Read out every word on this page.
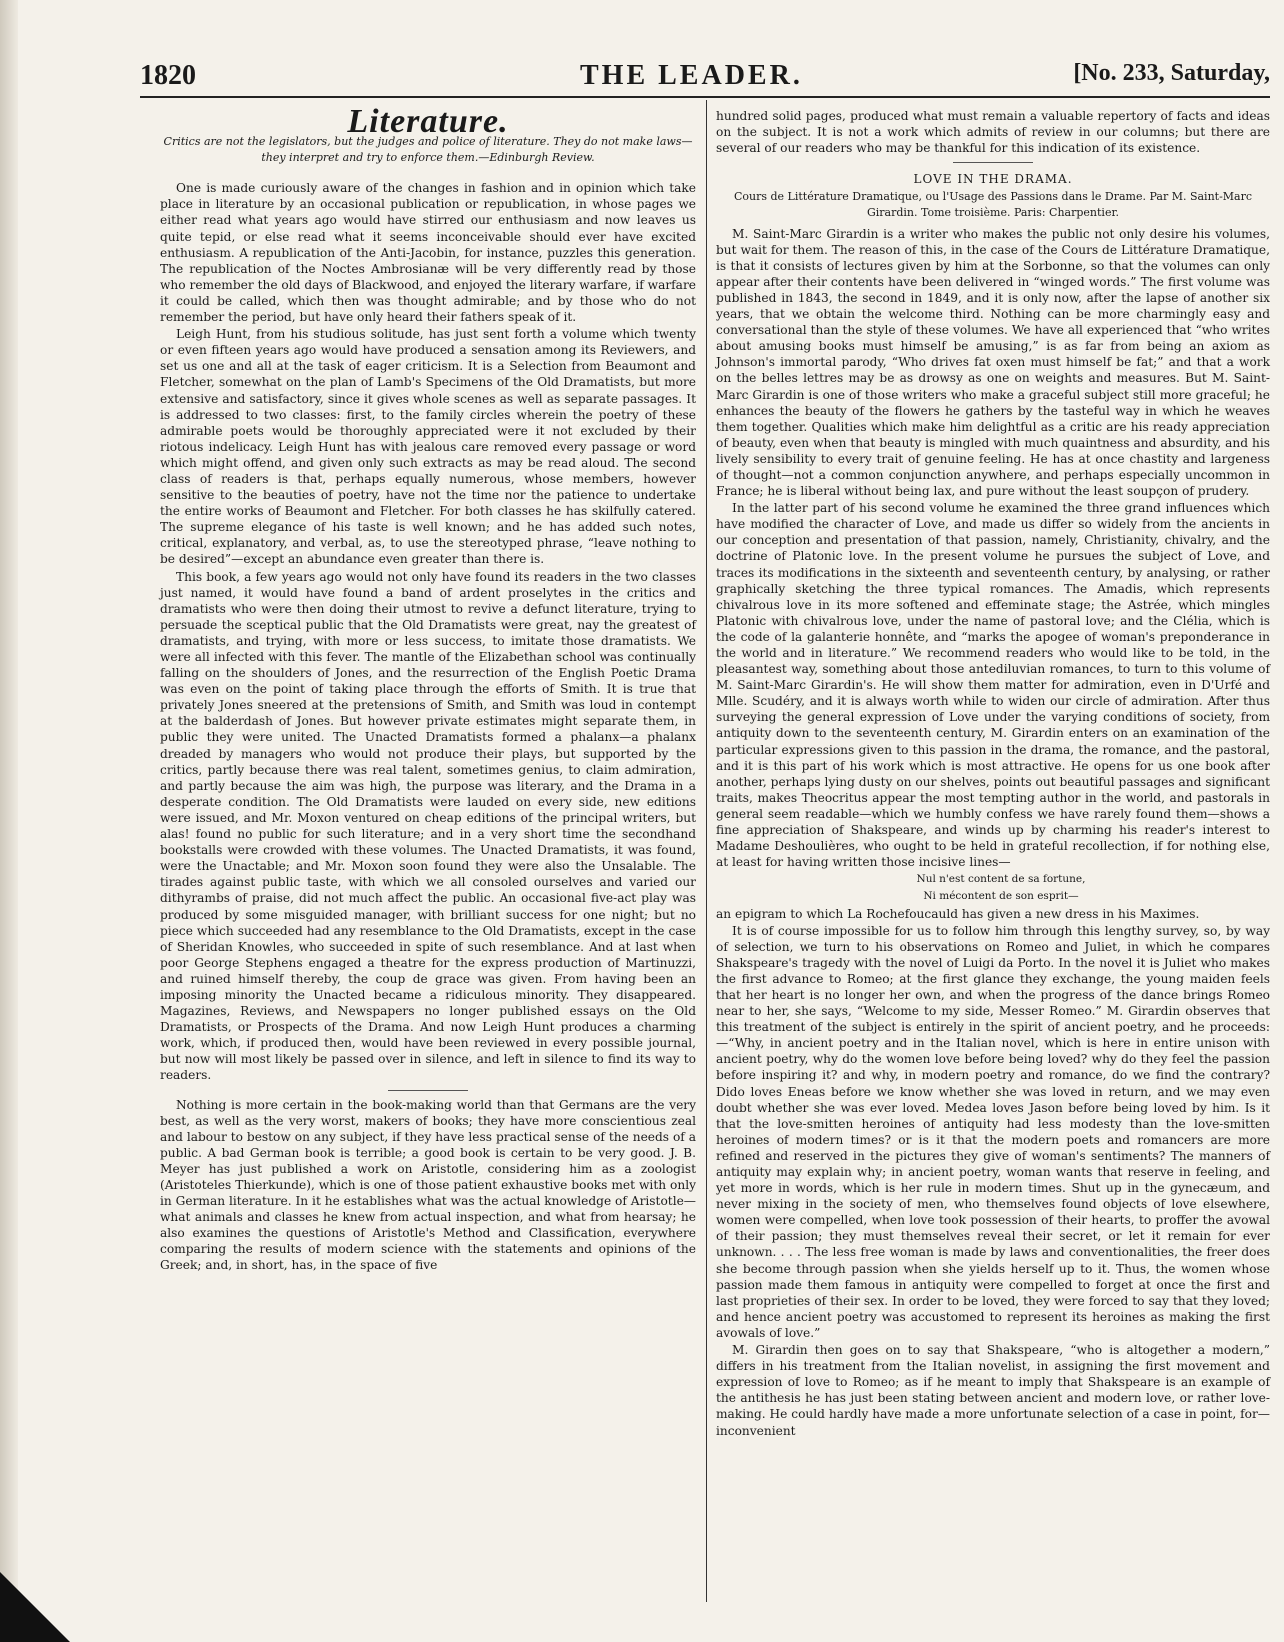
1820	THE LEADER.	[No. 233, Saturday,
Literature.
Critics are not the legislators, but the judges and police of literature. They do not make laws—they interpret and try to enforce them.—Edinburgh Review.

One is made curiously aware of the changes in fashion and in opinion which take place in literature by an occasional publication or republication, in whose pages we either read what years ago would have stirred our enthusiasm and now leaves us quite tepid, or else read what it seems inconceivable should ever have excited enthusiasm. A republication of the Anti-Jacobin, for instance, puzzles this generation. The republication of the Noctes Ambrosianæ will be very differently read by those who remember the old days of Blackwood, and enjoyed the literary warfare, if warfare it could be called, which then was thought admirable; and by those who do not remember the period, but have only heard their fathers speak of it.

Leigh Hunt, from his studious solitude, has just sent forth a volume which twenty or even fifteen years ago would have produced a sensation among its Reviewers, and set us one and all at the task of eager criticism. It is a Selection from Beaumont and Fletcher, somewhat on the plan of Lamb's Specimens of the Old Dramatists, but more extensive and satisfactory, since it gives whole scenes as well as separate passages. It is addressed to two classes: first, to the family circles wherein the poetry of these admirable poets would be thoroughly appreciated were it not excluded by their riotous indelicacy. Leigh Hunt has with jealous care removed every passage or word which might offend, and given only such extracts as may be read aloud. The second class of readers is that, perhaps equally numerous, whose members, however sensitive to the beauties of poetry, have not the time nor the patience to undertake the entire works of Beaumont and Fletcher. For both classes he has skilfully catered. The supreme elegance of his taste is well known; and he has added such notes, critical, explanatory, and verbal, as, to use the stereotyped phrase, “leave nothing to be desired”—except an abundance even greater than there is.

This book, a few years ago would not only have found its readers in the two classes just named, it would have found a band of ardent proselytes in the critics and dramatists who were then doing their utmost to revive a defunct literature, trying to persuade the sceptical public that the Old Dramatists were great, nay the greatest of dramatists, and trying, with more or less success, to imitate those dramatists. We were all infected with this fever. The mantle of the Elizabethan school was continually falling on the shoulders of Jones, and the resurrection of the English Poetic Drama was even on the point of taking place through the efforts of Smith. It is true that privately Jones sneered at the pretensions of Smith, and Smith was loud in contempt at the balderdash of Jones. But however private estimates might separate them, in public they were united. The Unacted Dramatists formed a phalanx—a phalanx dreaded by managers who would not produce their plays, but supported by the critics, partly because there was real talent, sometimes genius, to claim admiration, and partly because the aim was high, the purpose was literary, and the Drama in a desperate condition. The Old Dramatists were lauded on every side, new editions were issued, and Mr. Moxon ventured on cheap editions of the principal writers, but alas! found no public for such literature; and in a very short time the secondhand bookstalls were crowded with these volumes. The Unacted Dramatists, it was found, were the Unactable; and Mr. Moxon soon found they were also the Unsalable. The tirades against public taste, with which we all consoled ourselves and varied our dithyrambs of praise, did not much affect the public. An occasional five-act play was produced by some misguided manager, with brilliant success for one night; but no piece which succeeded had any resemblance to the Old Dramatists, except in the case of Sheridan Knowles, who succeeded in spite of such resemblance. And at last when poor George Stephens engaged a theatre for the express production of Martinuzzi, and ruined himself thereby, the coup de grace was given. From having been an imposing minority the Unacted became a ridiculous minority. They disappeared. Magazines, Reviews, and Newspapers no longer published essays on the Old Dramatists, or Prospects of the Drama. And now Leigh Hunt produces a charming work, which, if produced then, would have been reviewed in every possible journal, but now will most likely be passed over in silence, and left in silence to find its way to readers.

Nothing is more certain in the book-making world than that Germans are the very best, as well as the very worst, makers of books; they have more conscientious zeal and labour to bestow on any subject, if they have less practical sense of the needs of a public. A bad German book is terrible; a good book is certain to be very good. J. B. Meyer has just published a work on Aristotle, considering him as a zoologist (Aristoteles Thierkunde), which is one of those patient exhaustive books met with only in German literature. In it he establishes what was the actual knowledge of Aristotle—what animals and classes he knew from actual inspection, and what from hearsay; he also examines the questions of Aristotle's Method and Classification, everywhere comparing the results of modern science with the statements and opinions of the Greek; and, in short, has, in the space of five

hundred solid pages, produced what must remain a valuable repertory of facts and ideas on the subject. It is not a work which admits of review in our columns; but there are several of our readers who may be thankful for this indication of its existence.

LOVE IN THE DRAMA.
Cours de Littérature Dramatique, ou l'Usage des Passions dans le Drame. Par M. Saint-Marc Girardin. Tome troisième. Paris: Charpentier.

M. Saint-Marc Girardin is a writer who makes the public not only desire his volumes, but wait for them. The reason of this, in the case of the Cours de Littérature Dramatique, is that it consists of lectures given by him at the Sorbonne, so that the volumes can only appear after their contents have been delivered in “winged words.” The first volume was published in 1843, the second in 1849, and it is only now, after the lapse of another six years, that we obtain the welcome third. Nothing can be more charmingly easy and conversational than the style of these volumes. We have all experienced that “who writes about amusing books must himself be amusing,” is as far from being an axiom as Johnson's immortal parody, “Who drives fat oxen must himself be fat;” and that a work on the belles lettres may be as drowsy as one on weights and measures. But M. Saint-Marc Girardin is one of those writers who make a graceful subject still more graceful; he enhances the beauty of the flowers he gathers by the tasteful way in which he weaves them together. Qualities which make him delightful as a critic are his ready appreciation of beauty, even when that beauty is mingled with much quaintness and absurdity, and his lively sensibility to every trait of genuine feeling. He has at once chastity and largeness of thought—not a common conjunction anywhere, and perhaps especially uncommon in France; he is liberal without being lax, and pure without the least soupçon of prudery.

In the latter part of his second volume he examined the three grand influences which have modified the character of Love, and made us differ so widely from the ancients in our conception and presentation of that passion, namely, Christianity, chivalry, and the doctrine of Platonic love. In the present volume he pursues the subject of Love, and traces its modifications in the sixteenth and seventeenth century, by analysing, or rather graphically sketching the three typical romances. The Amadis, which represents chivalrous love in its more softened and effeminate stage; the Astrée, which mingles Platonic with chivalrous love, under the name of pastoral love; and the Clélia, which is the code of la galanterie honnête, and “marks the apogee of woman's preponderance in the world and in literature.” We recommend readers who would like to be told, in the pleasantest way, something about those antediluvian romances, to turn to this volume of M. Saint-Marc Girardin's. He will show them matter for admiration, even in D'Urfé and Mlle. Scudéry, and it is always worth while to widen our circle of admiration. After thus surveying the general expression of Love under the varying conditions of society, from antiquity down to the seventeenth century, M. Girardin enters on an examination of the particular expressions given to this passion in the drama, the romance, and the pastoral, and it is this part of his work which is most attractive. He opens for us one book after another, perhaps lying dusty on our shelves, points out beautiful passages and significant traits, makes Theocritus appear the most tempting author in the world, and pastorals in general seem readable—which we humbly confess we have rarely found them—shows a fine appreciation of Shakspeare, and winds up by charming his reader's interest to Madame Deshoulières, who ought to be held in grateful recollection, if for nothing else, at least for having written those incisive lines—

Nul n'est content de sa fortune,

Ni mécontent de son esprit—

an epigram to which La Rochefoucauld has given a new dress in his Maximes.

It is of course impossible for us to follow him through this lengthy survey, so, by way of selection, we turn to his observations on Romeo and Juliet, in which he compares Shakspeare's tragedy with the novel of Luigi da Porto. In the novel it is Juliet who makes the first advance to Romeo; at the first glance they exchange, the young maiden feels that her heart is no longer her own, and when the progress of the dance brings Romeo near to her, she says, “Welcome to my side, Messer Romeo.” M. Girardin observes that this treatment of the subject is entirely in the spirit of ancient poetry, and he proceeds:—“Why, in ancient poetry and in the Italian novel, which is here in entire unison with ancient poetry, why do the women love before being loved? why do they feel the passion before inspiring it? and why, in modern poetry and romance, do we find the contrary? Dido loves Eneas before we know whether she was loved in return, and we may even doubt whether she was ever loved. Medea loves Jason before being loved by him. Is it that the love-smitten heroines of antiquity had less modesty than the love-smitten heroines of modern times? or is it that the modern poets and romancers are more refined and reserved in the pictures they give of woman's sentiments? The manners of antiquity may explain why; in ancient poetry, woman wants that reserve in feeling, and yet more in words, which is her rule in modern times. Shut up in the gynecæum, and never mixing in the society of men, who themselves found objects of love elsewhere, women were compelled, when love took possession of their hearts, to proffer the avowal of their passion; they must themselves reveal their secret, or let it remain for ever unknown. . . . The less free woman is made by laws and conventionalities, the freer does she become through passion when she yields herself up to it. Thus, the women whose passion made them famous in antiquity were compelled to forget at once the first and last proprieties of their sex. In order to be loved, they were forced to say that they loved; and hence ancient poetry was accustomed to represent its heroines as making the first avowals of love.”

M. Girardin then goes on to say that Shakspeare, “who is altogether a modern,” differs in his treatment from the Italian novelist, in assigning the first movement and expression of love to Romeo; as if he meant to imply that Shakspeare is an example of the antithesis he has just been stating between ancient and modern love, or rather love-making. He could hardly have made a more unfortunate selection of a case in point, for—inconvenient
